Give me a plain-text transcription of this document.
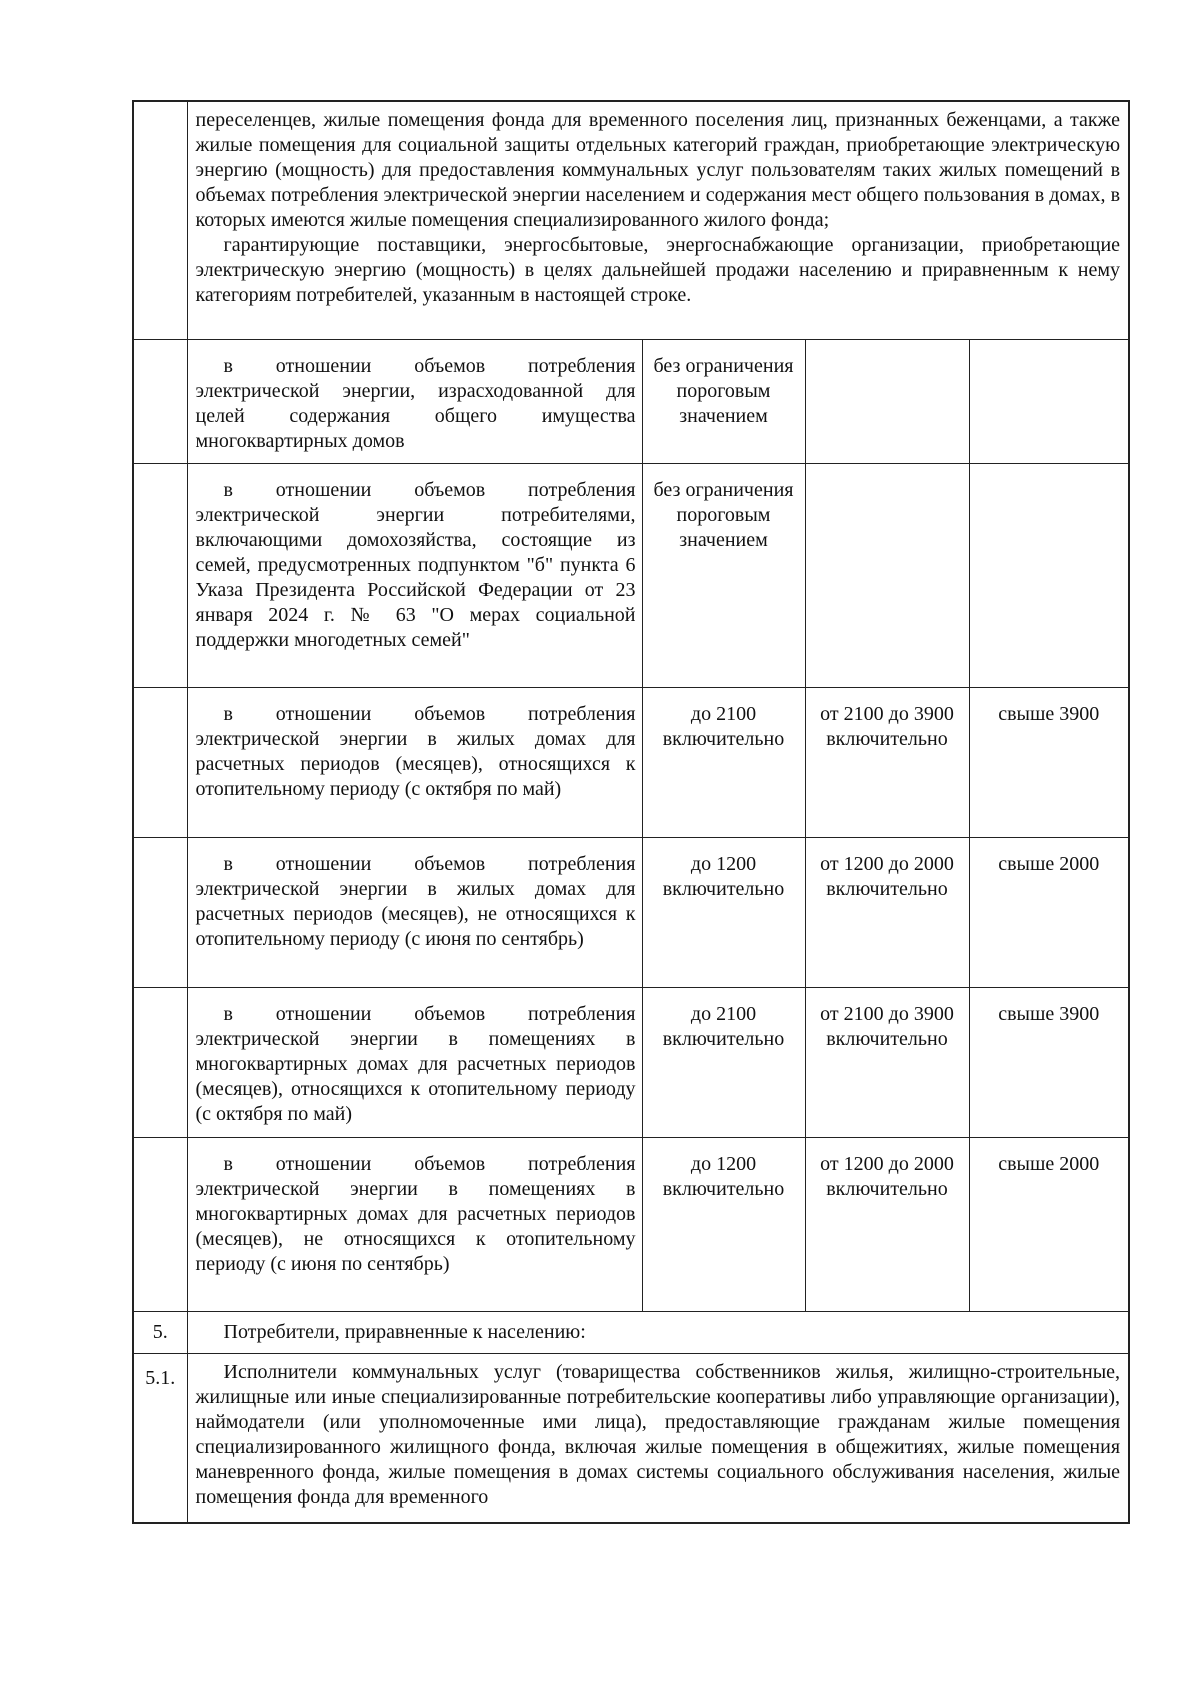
	переселенцев, жилые помещения фонда для временного поселения лиц, признанных беженцами, а также жилые помещения для социальной защиты отдельных категорий граждан, приобретающие электрическую энергию (мощность) для предоставления коммунальных услуг пользователям таких жилых помещений в объемах потребления электрической энергии населением и содержания мест общего пользования в домах, в которых имеются жилые помещения специализированного жилого фонда;
гарантирующие поставщики, энергосбытовые, энергоснабжающие организации, приобретающие электрическую энергию (мощность) в целях дальнейшей продажи населению и приравненным к нему категориям потребителей, указанным в настоящей строке.			

	в отношении объемов потребления электрической энергии, израсходованной для целей содержания общего имущества многоквартирных домов	без ограничения пороговым значением		
	в отношении объемов потребления электрической энергии потребителями, включающими домохозяйства, состоящие из семей, предусмотренных подпунктом "б" пункта 6 Указа Президента Российской Федерации от 23 января 2024 г. № 63 "О мерах социальной поддержки многодетных семей"	без ограничения пороговым значением		
	в отношении объемов потребления электрической энергии в жилых домах для расчетных периодов (месяцев), относящихся к отопительному периоду (с октября по май)	до 2100 включительно	от 2100 до 3900 включительно	свыше 3900
	в отношении объемов потребления электрической энергии в жилых домах для расчетных периодов (месяцев), не относящихся к отопительному периоду (с июня по сентябрь)	до 1200 включительно	от 1200 до 2000 включительно	свыше 2000
	в отношении объемов потребления электрической энергии в помещениях в многоквартирных домах для расчетных периодов (месяцев), относящихся к отопительному периоду (с октября по май)	до 2100 включительно	от 2100 до 3900 включительно	свыше 3900
	в отношении объемов потребления электрической энергии в помещениях в многоквартирных домах для расчетных периодов (месяцев), не относящихся к отопительному периоду (с июня по сентябрь)	до 1200 включительно	от 1200 до 2000 включительно	свыше 2000
5.	Потребители, приравненные к населению:			
5.1.	Исполнители коммунальных услуг (товарищества собственников жилья, жилищно-строительные, жилищные или иные специализированные потребительские кооперативы либо управляющие организации), наймодатели (или уполномоченные ими лица), предоставляющие гражданам жилые помещения специализированного жилищного фонда, включая жилые помещения в общежитиях, жилые помещения маневренного фонда, жилые помещения в домах системы социального обслуживания населения, жилые помещения фонда для временного			
